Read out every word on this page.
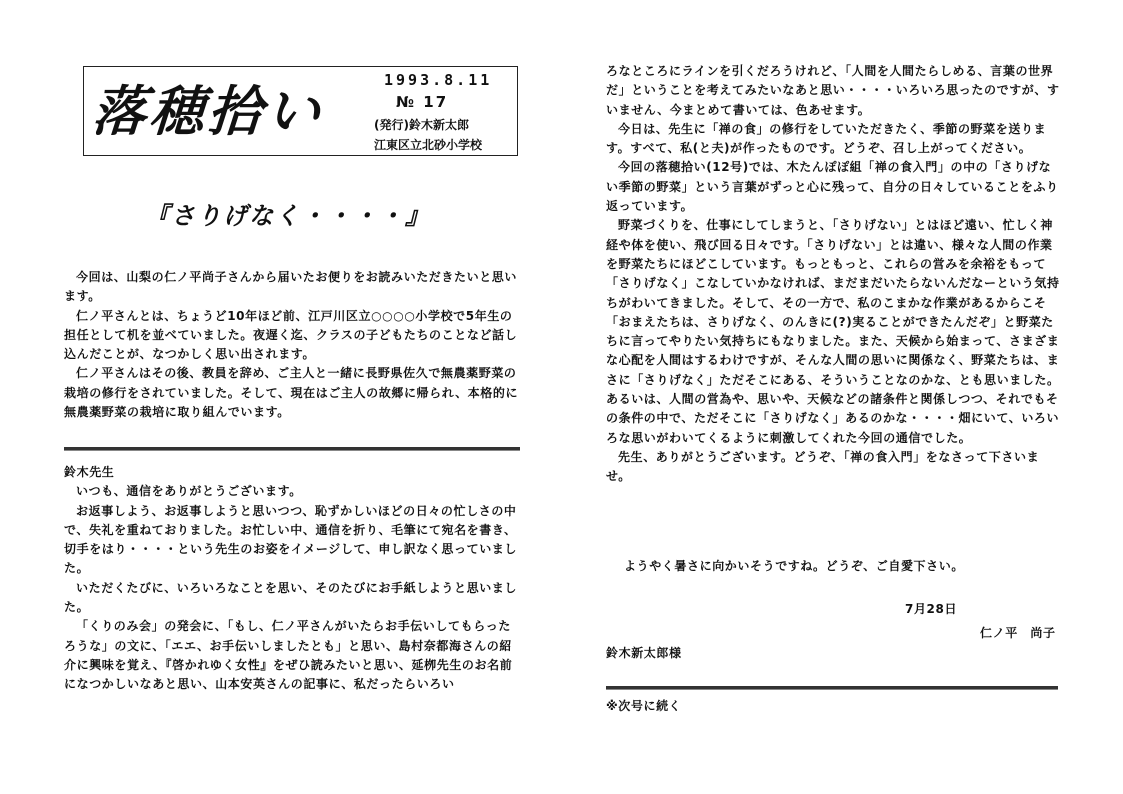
落穂拾い	1993.8.11
№ 17
(発行)鈴木新太郎
江東区立北砂小学校
『さりげなく・・・・』

今回は、山梨の仁ノ平尚子さんから届いたお便りをお読みいただきたいと思います。

仁ノ平さんとは、ちょうど10年ほど前、江戸川区立○○○○小学校で5年生の担任として机を並べていました。夜遅く迄、クラスの子どもたちのことなど話し込んだことが、なつかしく思い出されます。

仁ノ平さんはその後、教員を辞め、ご主人と一緒に長野県佐久で無農薬野菜の栽培の修行をされていました。そして、現在はご主人の故郷に帰られ、本格的に無農薬野菜の栽培に取り組んでいます。

鈴木先生

いつも、通信をありがとうございます。

お返事しよう、お返事しようと思いつつ、恥ずかしいほどの日々の忙しさの中で、失礼を重ねておりました。お忙しい中、通信を折り、毛筆にて宛名を書き、切手をはり・・・・という先生のお姿をイメージして、申し訳なく思っていました。

いただくたびに、いろいろなことを思い、そのたびにお手紙しようと思いました。

「くりのみ会」の発会に、「もし、仁ノ平さんがいたらお手伝いしてもらったろうな」の文に、「エエ、お手伝いしましたとも」と思い、島村奈都海さんの紹介に興味を覚え、『啓かれゆく女性』をぜひ読みたいと思い、延栁先生のお名前になつかしいなあと思い、山本安英さんの記事に、私だったらいろい

ろなところにラインを引くだろうけれど、「人間を人間たらしめる、言葉の世界だ」ということを考えてみたいなあと思い・・・・いろいろ思ったのですが、すいません、今まとめて書いては、色あせます。

今日は、先生に「禅の食」の修行をしていただきたく、季節の野菜を送ります。すべて、私(と夫)が作ったものです。どうぞ、召し上がってください。

今回の落穂拾い(12号)では、木たんぽぽ組「禅の食入門」の中の「さりげない季節の野菜」という言葉がずっと心に残って、自分の日々していることをふり返っています。

野菜づくりを、仕事にしてしまうと、「さりげない」とはほど遠い、忙しく神経や体を使い、飛び回る日々です。「さりげない」とは違い、様々な人間の作業を野菜たちにほどこしています。もっともっと、これらの営みを余裕をもって「さりげなく」こなしていかなければ、まだまだいたらないんだなーという気持ちがわいてきました。そして、その一方で、私のこまかな作業があるからこそ「おまえたちは、さりげなく、のんきに(?)実ることができたんだぞ」と野菜たちに言ってやりたい気持ちにもなりました。また、天候から始まって、さまざまな心配を人間はするわけですが、そんな人間の思いに関係なく、野菜たちは、まさに「さりげなく」ただそこにある、そういうことなのかな、とも思いました。あるいは、人間の営為や、思いや、天候などの諸条件と関係しつつ、それでもその条件の中で、ただそこに「さりげなく」あるのかな・・・・畑にいて、いろいろな思いがわいてくるように刺激してくれた今回の通信でした。

先生、ありがとうございます。どうぞ、「禅の食入門」をなさって下さいませ。

ようやく暑さに向かいそうですね。どうぞ、ご自愛下さい。
7月28日
仁ノ平　尚子
鈴木新太郎様
※次号に続く
